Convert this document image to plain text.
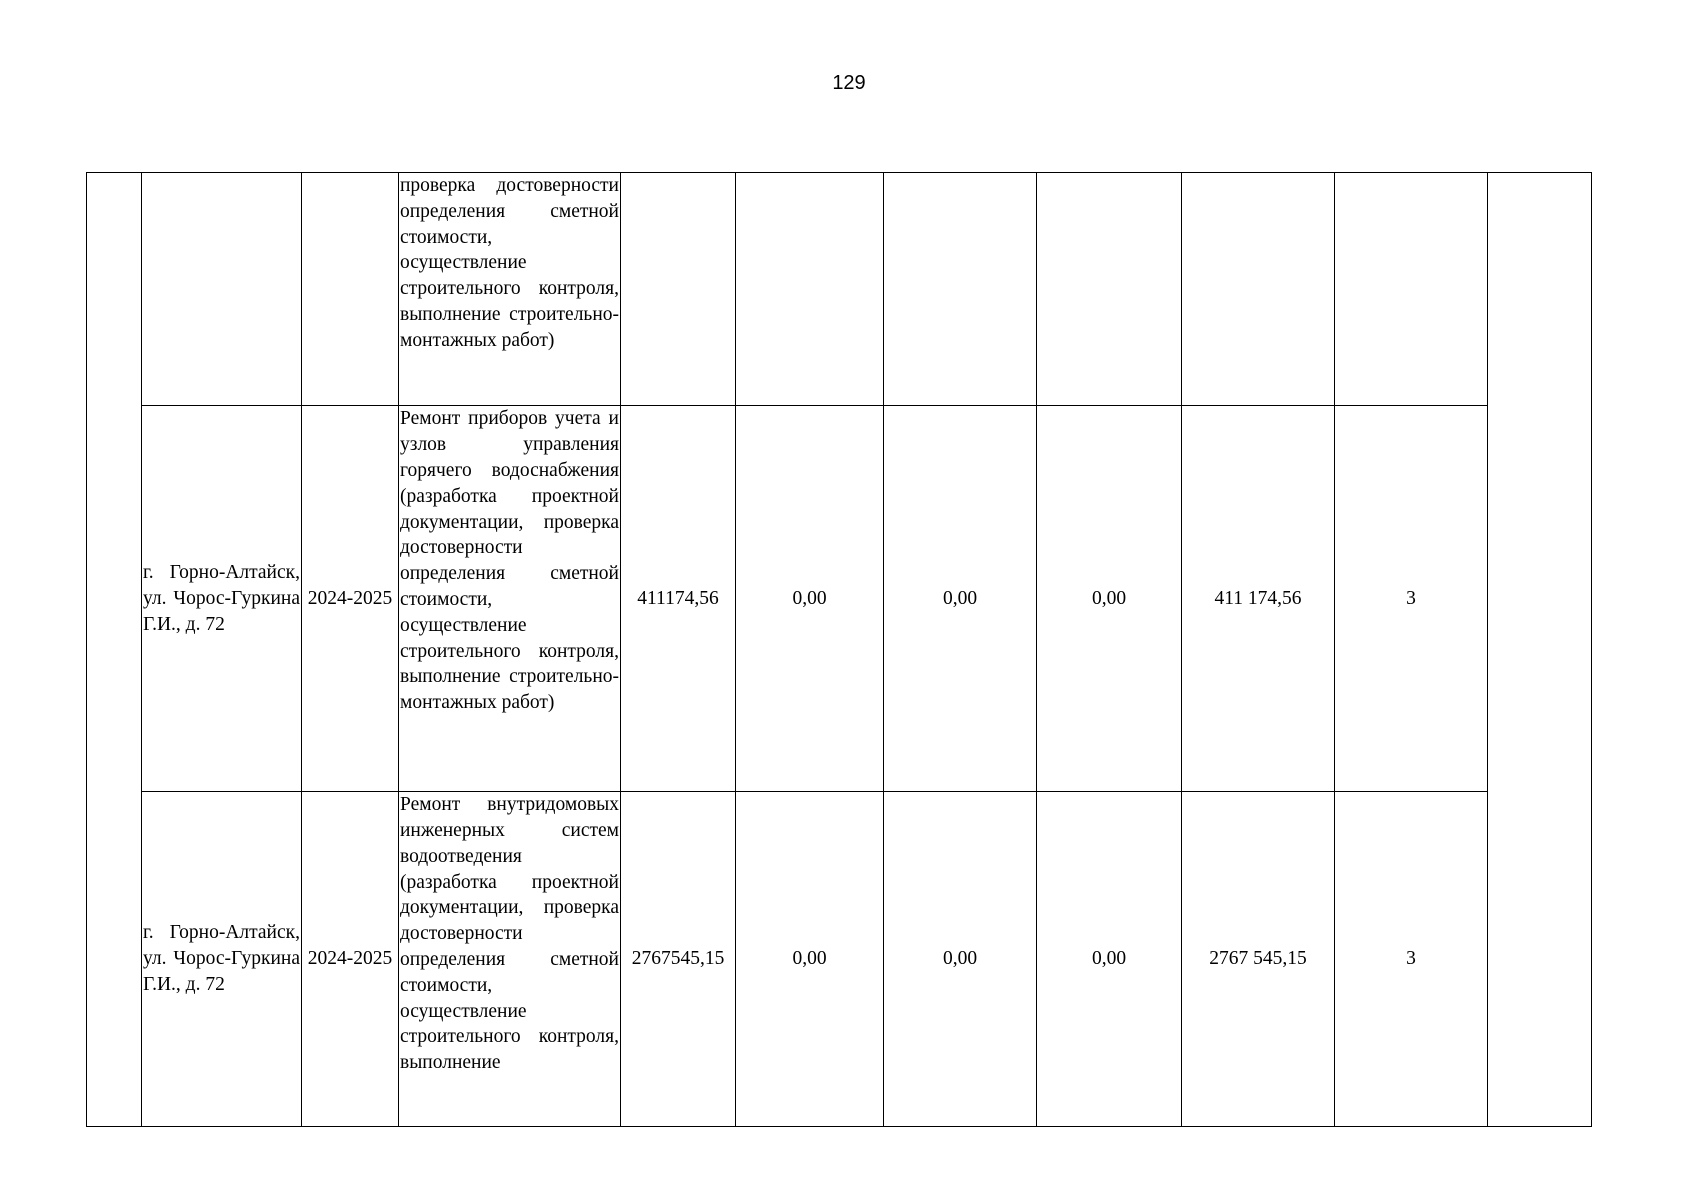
129
			проверка достоверности определения сметной стоимости, осуществление строительного контроля, выполнение строительно-монтажных работ)							
	г. Горно-Алтайск, ул. Чорос-Гуркина Г.И., д. 72	2024-2025	Ремонт приборов учета и узлов управления горячего водоснабжения (разработка проектной документации, проверка достоверности определения сметной стоимости, осуществление строительного контроля, выполнение строительно-монтажных работ)	411174,56	0,00	0,00	0,00	411 174,56	3	
	г. Горно-Алтайск, ул. Чорос-Гуркина Г.И., д. 72	2024-2025	Ремонт внутридомовых инженерных систем водоотведения (разработка проектной документации, проверка достоверности определения сметной стоимости, осуществление строительного контроля, выполнение	2767545,15	0,00	0,00	0,00	2767 545,15	3	
